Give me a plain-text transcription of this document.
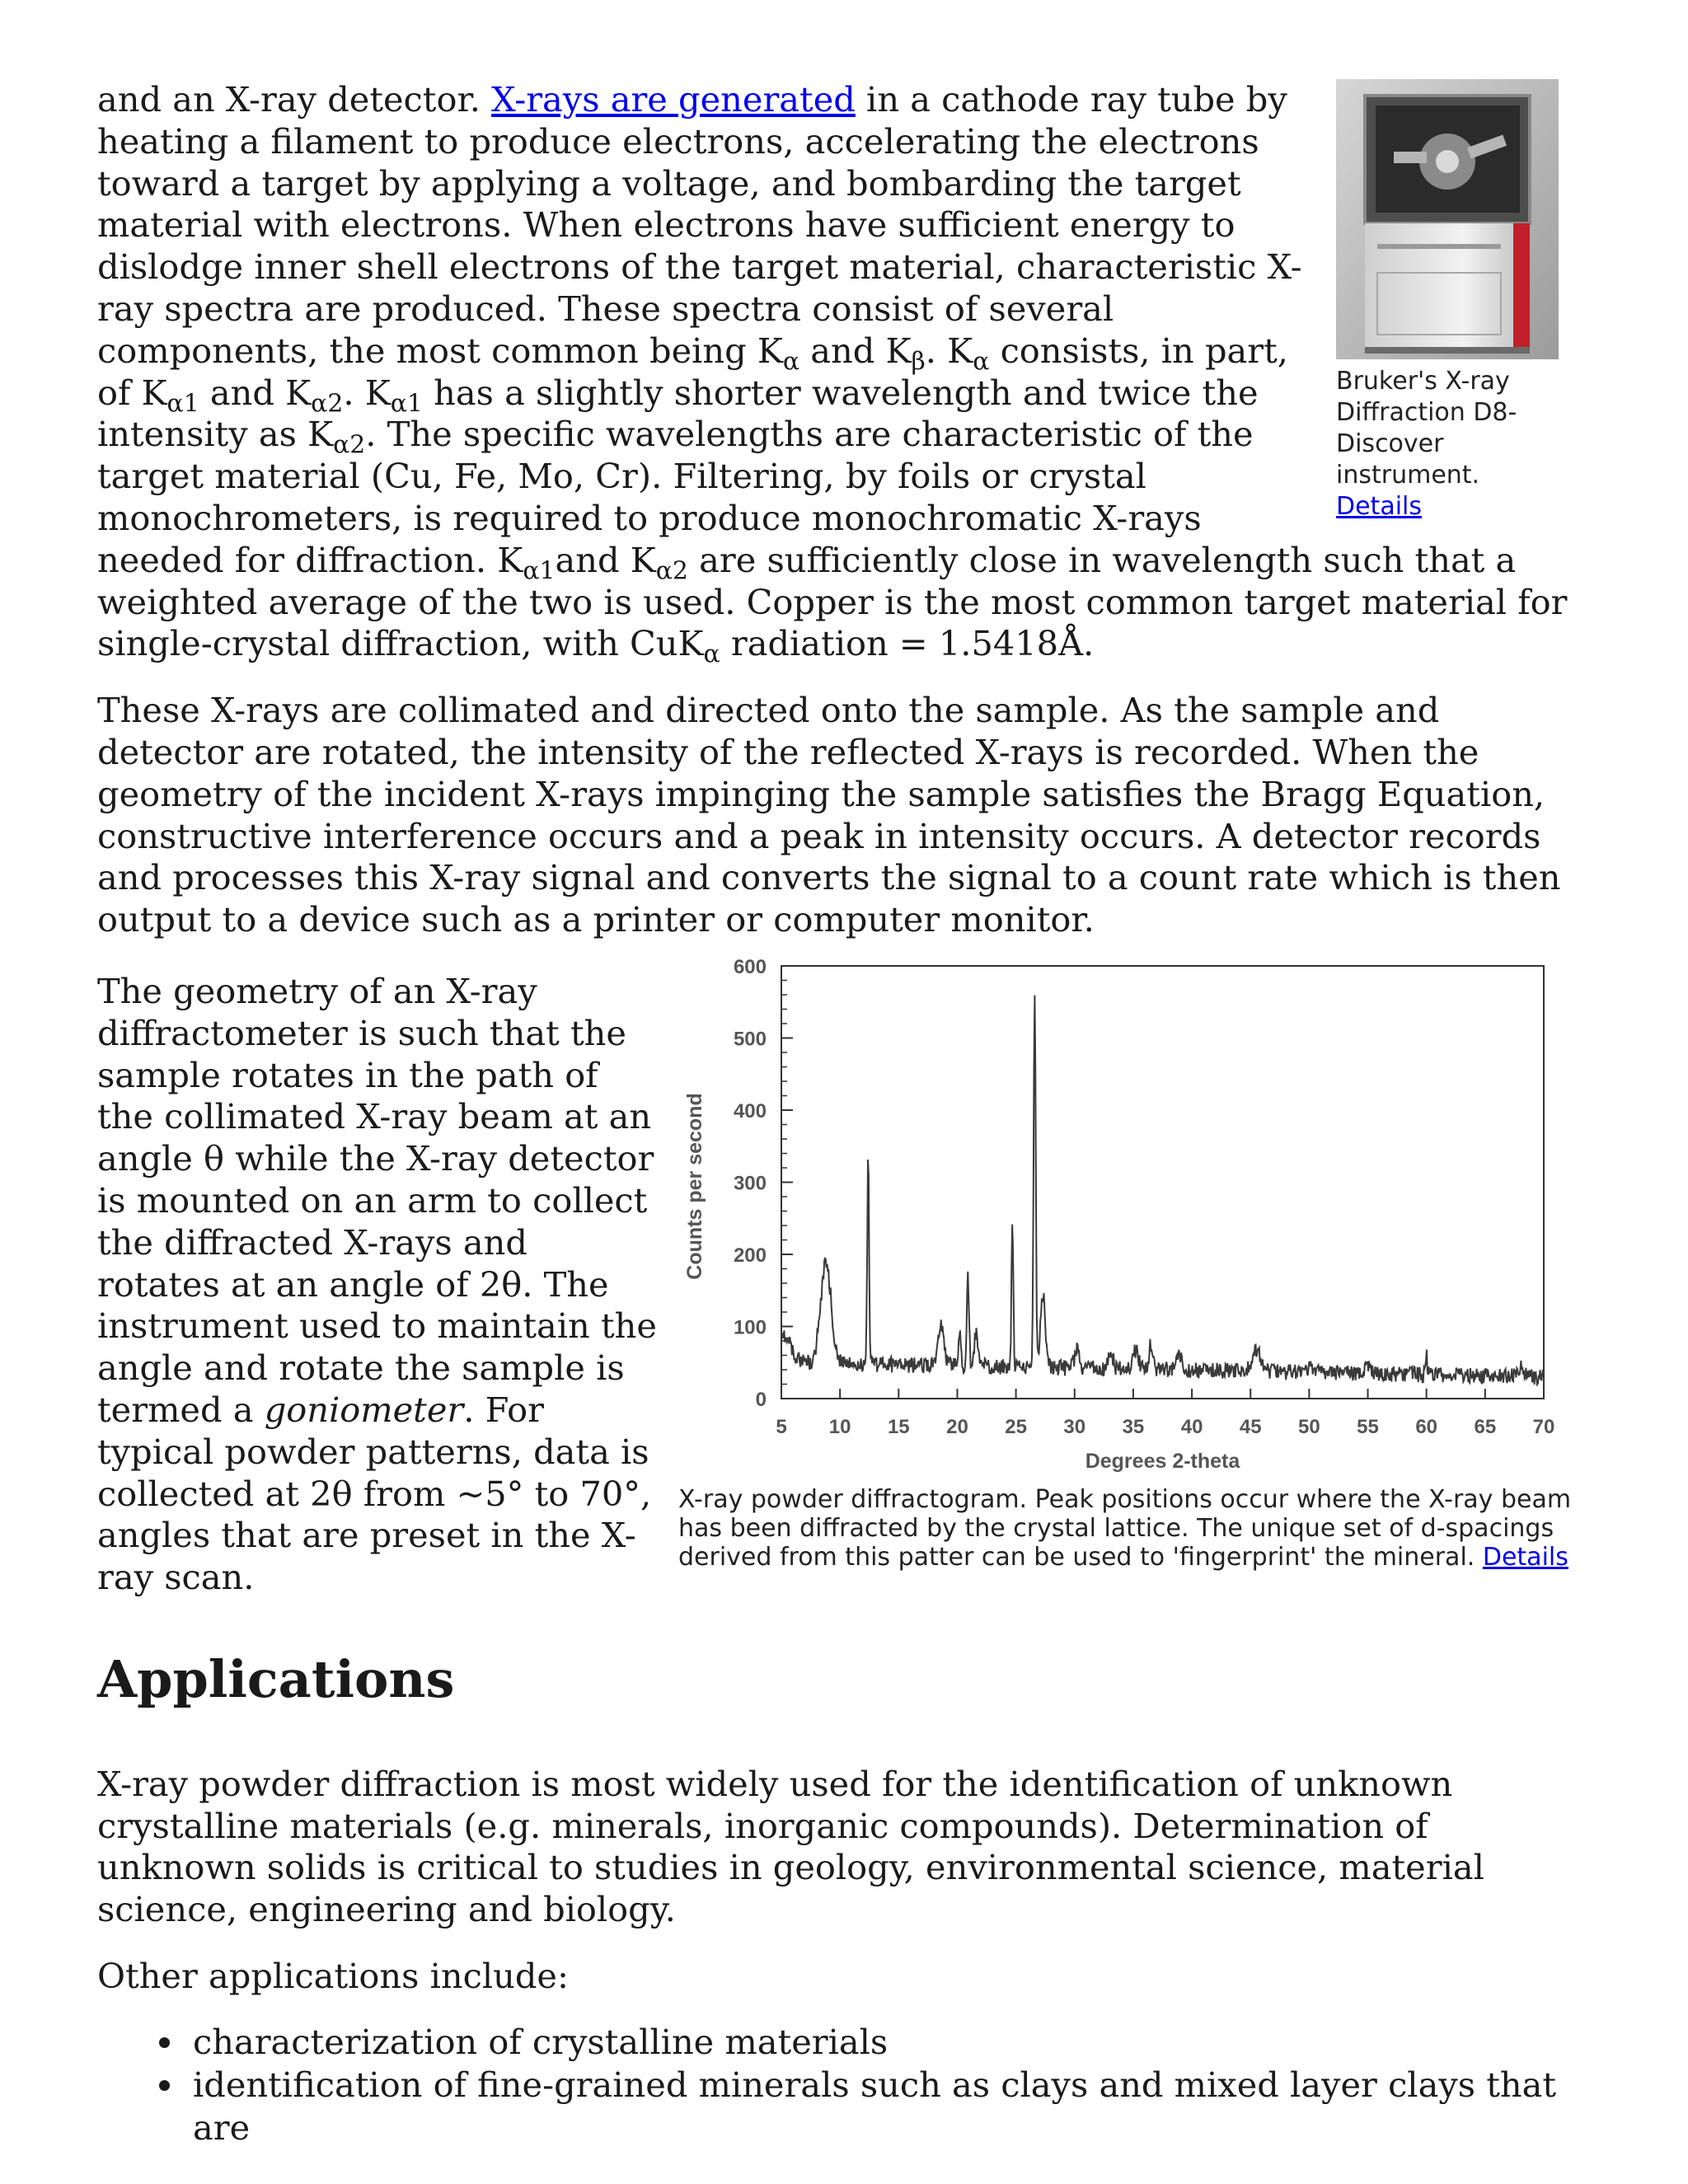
Bruker's X-ray Diffraction D8-Discover instrument.
Details

and an X-ray detector. X-rays are generated in a cathode ray tube by heating a filament to produce electrons, accelerating the electrons toward a target by applying a voltage, and bombarding the target material with electrons. When electrons have sufficient energy to dislodge inner shell electrons of the target material, characteristic X-ray spectra are produced. These spectra consist of several components, the most common being $K_\alpha$ and $K_\beta$. $K_\alpha$ consists, in part, of $K_{\alpha 1}$ and $K_{\alpha 2}$. $K_{\alpha 1}$ has a slightly shorter wavelength and twice the intensity as $K_{\alpha 2}$. The specific wavelengths are characteristic of the target material (Cu, Fe, Mo, Cr). Filtering, by foils or crystal monochrometers, is required to produce monochromatic X-rays needed for diffraction. $K_{\alpha 1}and$ $K_{\alpha 2}$ are sufficiently close in wavelength such that a weighted average of the two is used. Copper is the most common target material for single-crystal diffraction, with CuK$_\alpha$ radiation = 1.5418Å.

These X-rays are collimated and directed onto the sample. As the sample and detector are rotated, the intensity of the reflected X-rays is recorded. When the geometry of the incident X-rays impinging the sample satisfies the Bragg Equation, constructive interference occurs and a peak in intensity occurs. A detector records and processes this X-ray signal and converts the signal to a count rate which is then output to a device such as a printer or computer monitor.

0
100
200
300
400
500
600
5 10 15 20 25 30 35 40 45 50 55 60 65 70
Degrees 2-theta
Counts per second
X-ray powder diffractogram. Peak positions occur where the X-ray beam has been diffracted by the crystal lattice. The unique set of d-spacings derived from this patter can be used to 'fingerprint' the mineral. Details

The geometry of an X-ray diffractometer is such that the sample rotates in the path of the collimated X-ray beam at an angle θ while the X-ray detector is mounted on an arm to collect the diffracted X-rays and rotates at an angle of 2θ. The instrument used to maintain the angle and rotate the sample is termed a goniometer. For typical powder patterns, data is collected at 2θ from ~5° to 70°, angles that are preset in the X-ray scan.

Applications

X-ray powder diffraction is most widely used for the identification of unknown crystalline materials (e.g. minerals, inorganic compounds). Determination of unknown solids is critical to studies in geology, environmental science, material science, engineering and biology.

Other applications include:

• characterization of crystalline materials
• identification of fine-grained minerals such as clays and mixed layer clays that are
